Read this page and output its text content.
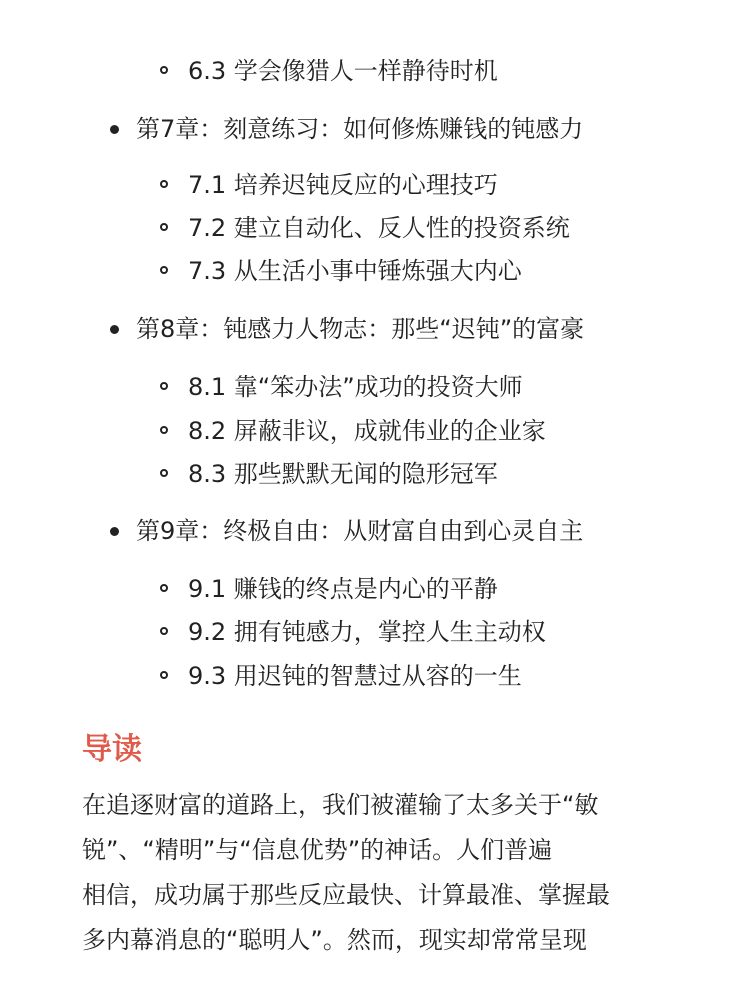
6.3 学会像猎人一样静待时机
第7章：刻意练习：如何修炼赚钱的钝感力
7.1 培养迟钝反应的心理技巧
7.2 建立自动化、反人性的投资系统
7.3 从生活小事中锤炼强大内心
第8章：钝感力人物志：那些“迟钝”的富豪
8.1 靠“笨办法”成功的投资大师
8.2 屏蔽非议，成就伟业的企业家
8.3 那些默默无闻的隐形冠军
第9章：终极自由：从财富自由到心灵自主
9.1 赚钱的终点是内心的平静
9.2 拥有钝感力，掌控人生主动权
9.3 用迟钝的智慧过从容的一生
导读
在追逐财富的道路上，我们被灌输了太多关于“敏
锐”、“精明”与“信息优势”的神话。人们普遍
相信，成功属于那些反应最快、计算最准、掌握最
多内幕消息的“聪明人”。然而，现实却常常呈现
